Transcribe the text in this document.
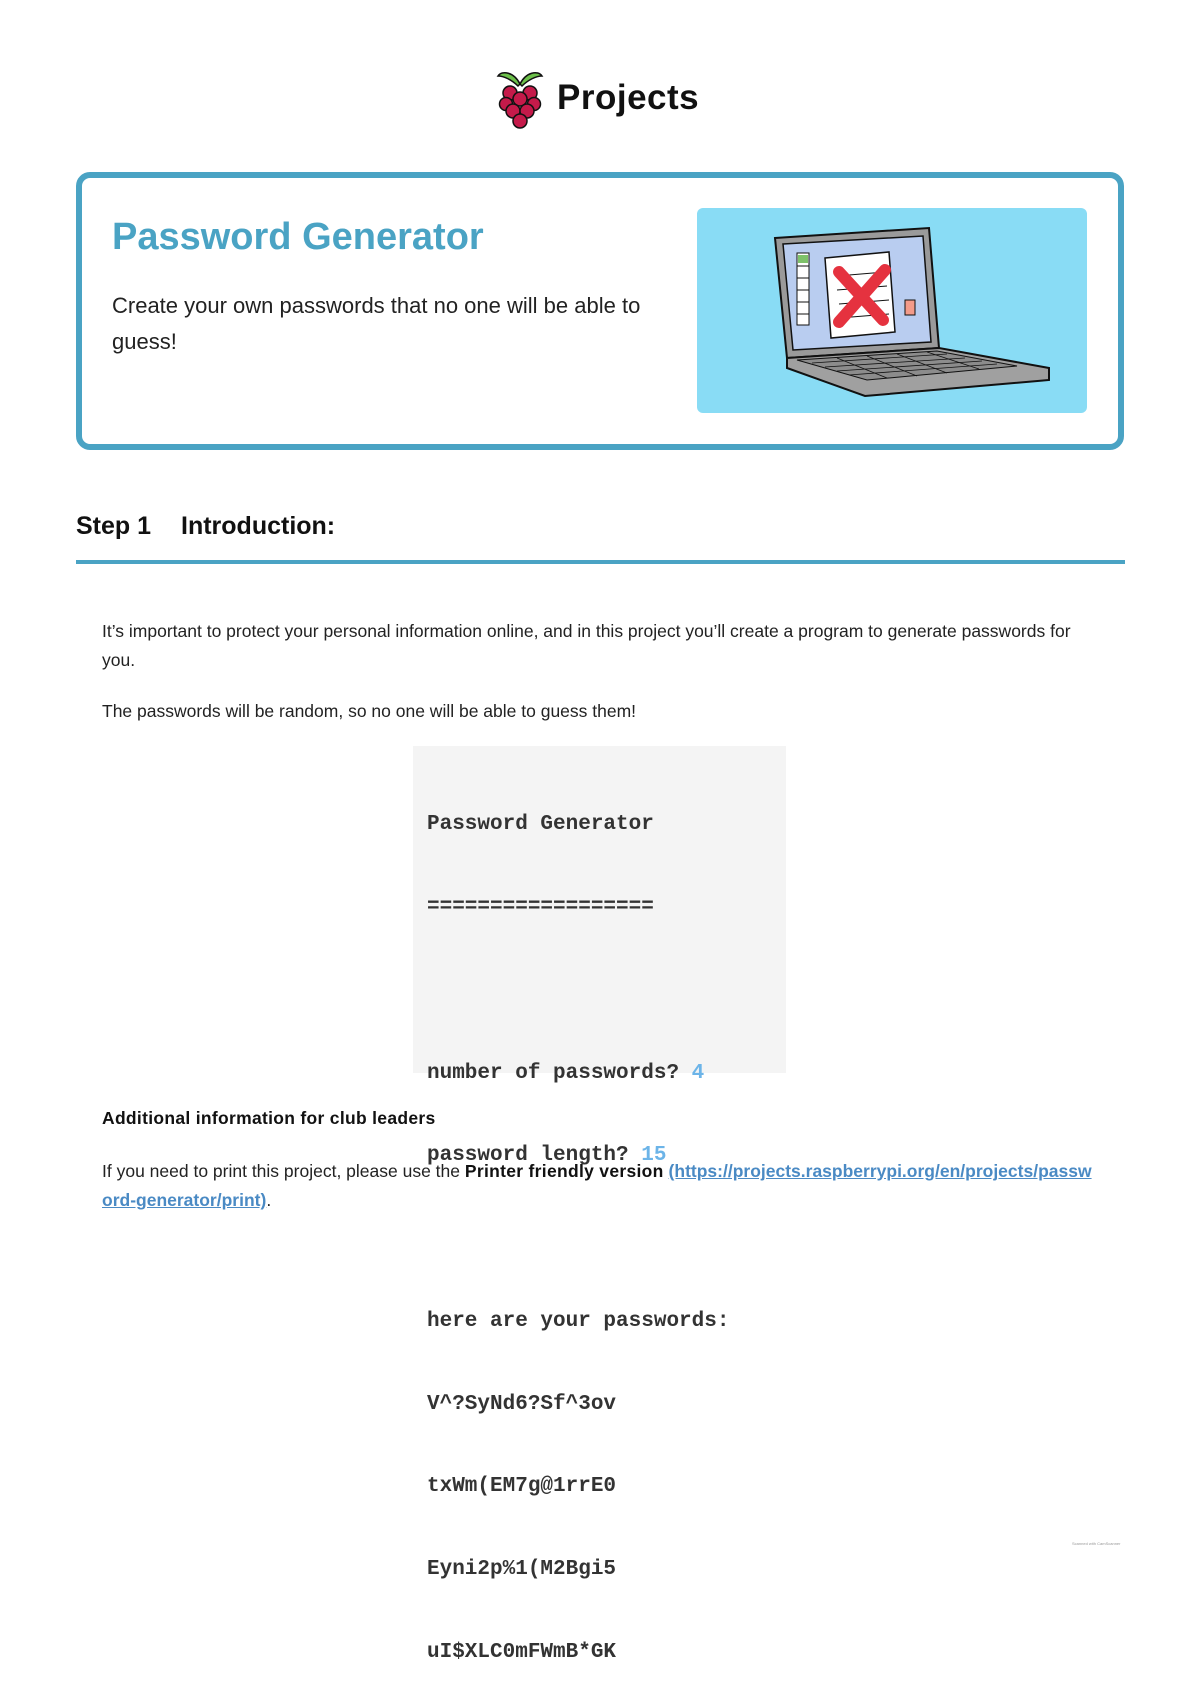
Projects
Password Generator
Create your own passwords that no one will be able to guess!
Step 1 Introduction:
It’s important to protect your personal information online, and in this project you’ll create a program to generate passwords for you.
The passwords will be random, so no one will be able to guess them!

Password Generator

==================

number of passwords? 4

password length? 15

here are your passwords:

V^?SyNd6?Sf^3ov

txWm(EM7g@1rrE0

Eyni2p%1(M2Bgi5

uI$XLC0mFWmB*GK

Additional information for club leaders
If you need to print this project, please use the Printer friendly version (https://projects.raspberrypi.org/en/projects/password-generator/print).
Scanned with CamScanner
